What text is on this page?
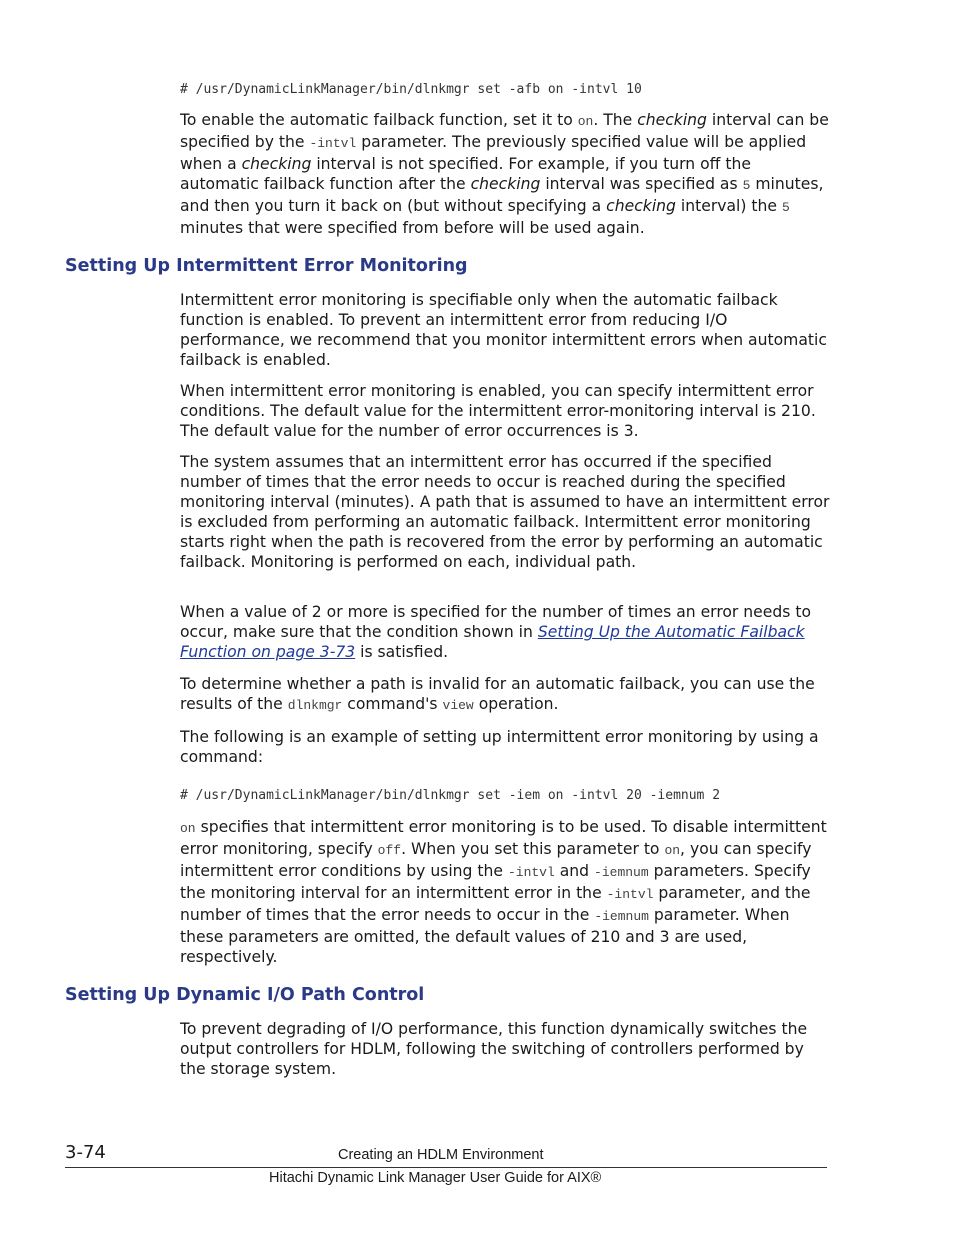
# /usr/DynamicLinkManager/bin/dlnkmgr set -afb on -intvl 10

To enable the automatic failback function, set it to on. The checking interval can be specified by the -intvl parameter. The previously specified value will be applied when a checking interval is not specified. For example, if you turn off the automatic failback function after the checking interval was specified as 5 minutes, and then you turn it back on (but without specifying a checking interval) the 5 minutes that were specified from before will be used again.

Setting Up Intermittent Error Monitoring

Intermittent error monitoring is specifiable only when the automatic failback function is enabled. To prevent an intermittent error from reducing I/O performance, we recommend that you monitor intermittent errors when automatic failback is enabled.

When intermittent error monitoring is enabled, you can specify intermittent error conditions. The default value for the intermittent error-monitoring interval is 210. The default value for the number of error occurrences is 3.

The system assumes that an intermittent error has occurred if the specified number of times that the error needs to occur is reached during the specified monitoring interval (minutes). A path that is assumed to have an intermittent error is excluded from performing an automatic failback. Intermittent error monitoring starts right when the path is recovered from the error by performing an automatic failback. Monitoring is performed on each, individual path.

When a value of 2 or more is specified for the number of times an error needs to occur, make sure that the condition shown in Setting Up the Automatic Failback Function on page 3-73 is satisfied.

To determine whether a path is invalid for an automatic failback, you can use the results of the dlnkmgr command's view operation.

The following is an example of setting up intermittent error monitoring by using a command:

# /usr/DynamicLinkManager/bin/dlnkmgr set -iem on -intvl 20 -iemnum 2

on specifies that intermittent error monitoring is to be used. To disable intermittent error monitoring, specify off. When you set this parameter to on, you can specify intermittent error conditions by using the -intvl and -iemnum parameters. Specify the monitoring interval for an intermittent error in the -intvl parameter, and the number of times that the error needs to occur in the -iemnum parameter. When these parameters are omitted, the default values of 210 and 3 are used, respectively.

Setting Up Dynamic I/O Path Control

To prevent degrading of I/O performance, this function dynamically switches the output controllers for HDLM, following the switching of controllers performed by the storage system.

3-74	Creating an HDLM Environment
Hitachi Dynamic Link Manager User Guide for AIX®
